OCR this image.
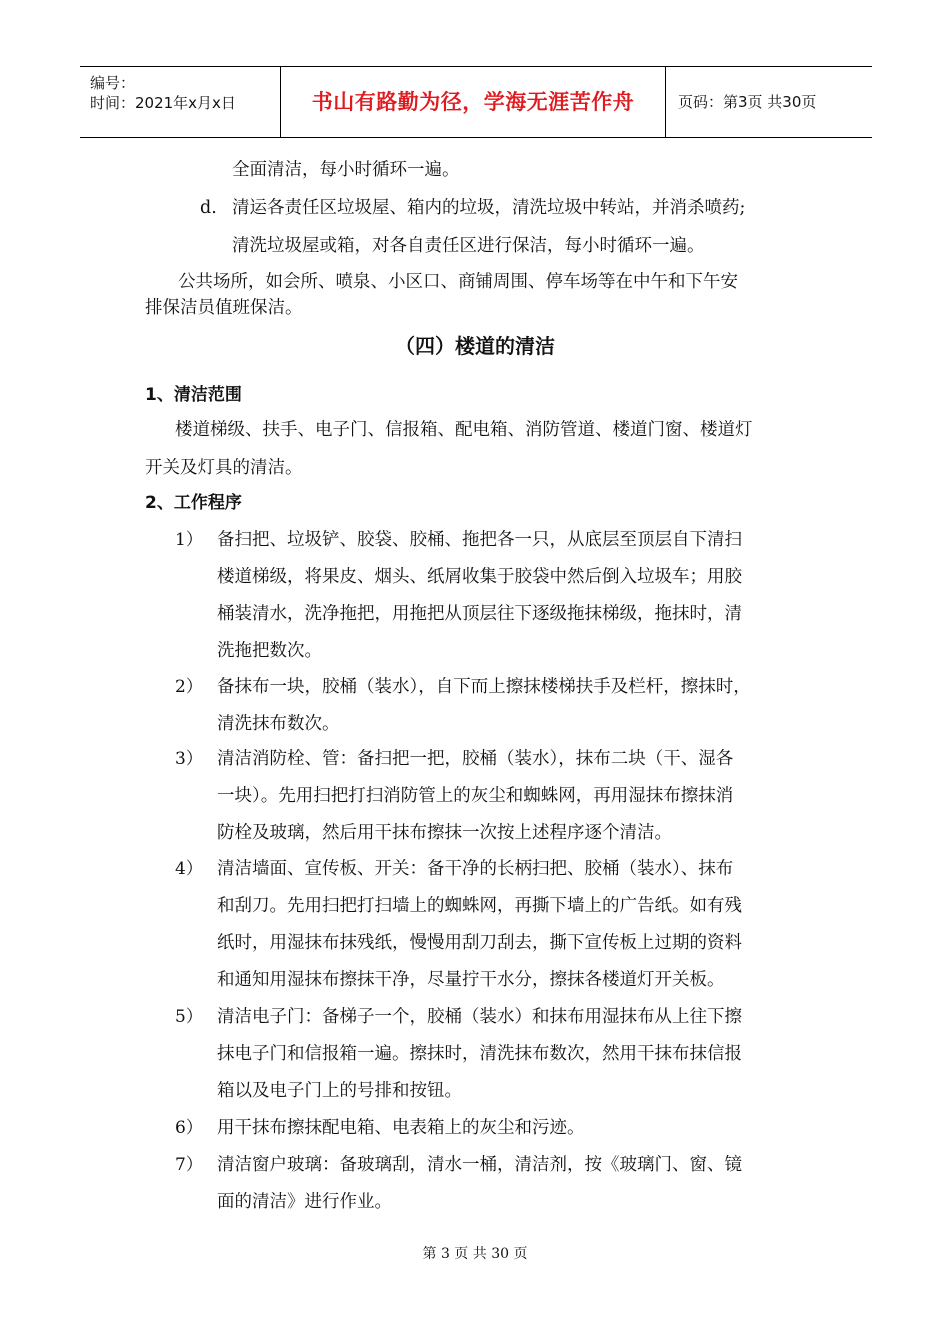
编号：
时间：2021年x月x日	书山有路勤为径，学海无涯苦作舟	页码：第3页 共30页
全面清洁，每小时循环一遍。
d. 清运各责任区垃圾屋、箱内的垃圾，清洗垃圾中转站，并消杀喷药;
清洗垃圾屋或箱，对各自责任区进行保洁，每小时循环一遍。
公共场所，如会所、喷泉、小区口、商铺周围、停车场等在中午和下午安
排保洁员值班保洁。
（四）楼道的清洁
1、清洁范围
楼道梯级、扶手、电子门、信报箱、配电箱、消防管道、楼道门窗、楼道灯
开关及灯具的清洁。
2、工作程序
1） 备扫把、垃圾铲、胶袋、胶桶、拖把各一只，从底层至顶层自下清扫
楼道梯级，将果皮、烟头、纸屑收集于胶袋中然后倒入垃圾车；用胶
桶装清水，洗净拖把，用拖把从顶层往下逐级拖抹梯级，拖抹时，清
洗拖把数次。
2） 备抹布一块，胶桶（装水），自下而上擦抹楼梯扶手及栏杆，擦抹时，
清洗抹布数次。
3） 清洁消防栓、管：备扫把一把，胶桶（装水），抹布二块（干、湿各
一块）。先用扫把打扫消防管上的灰尘和蜘蛛网，再用湿抹布擦抹消
防栓及玻璃，然后用干抹布擦抹一次按上述程序逐个清洁。
4） 清洁墙面、宣传板、开关：备干净的长柄扫把、胶桶（装水）、抹布
和刮刀。先用扫把打扫墙上的蜘蛛网，再撕下墙上的广告纸。如有残
纸时，用湿抹布抹残纸，慢慢用刮刀刮去，撕下宣传板上过期的资料
和通知用湿抹布擦抹干净，尽量拧干水分，擦抹各楼道灯开关板。
5） 清洁电子门：备梯子一个，胶桶（装水）和抹布用湿抹布从上往下擦
抹电子门和信报箱一遍。擦抹时，清洗抹布数次，然用干抹布抹信报
箱以及电子门上的号排和按钮。
6） 用干抹布擦抹配电箱、电表箱上的灰尘和污迹。
7） 清洁窗户玻璃：备玻璃刮，清水一桶，清洁剂，按《玻璃门、窗、镜
面的清洁》进行作业。
第 3 页 共 30 页
